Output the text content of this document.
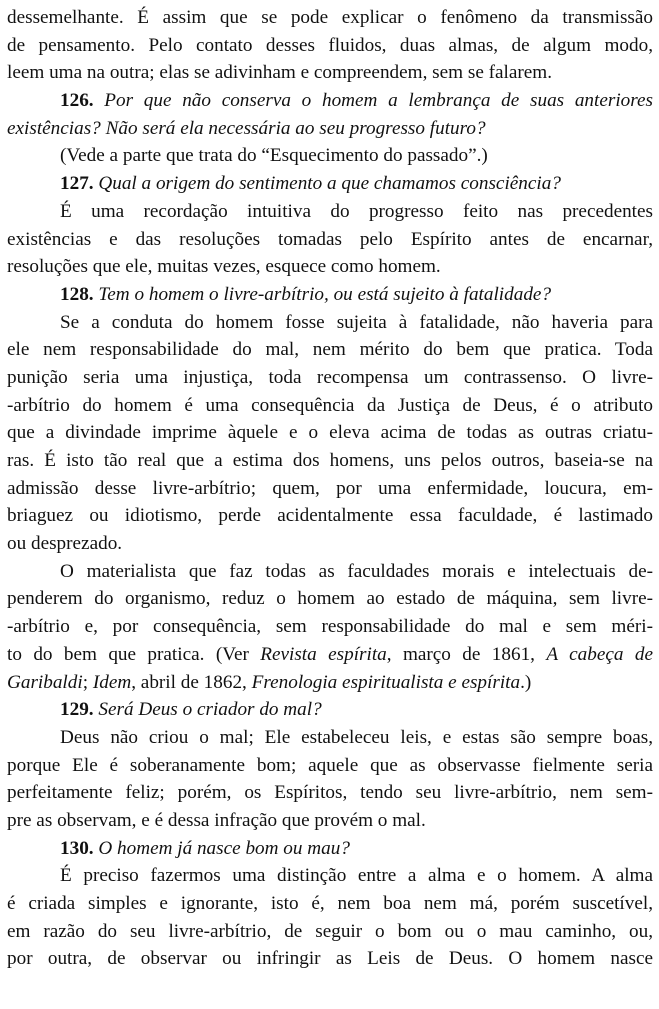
dessemelhante. É assim que se pode explicar o fenômeno da transmissão
de pensamento. Pelo contato desses fluidos, duas almas, de algum modo,
leem uma na outra; elas se adivinham e compreendem, sem se falarem.
126. Por que não conserva o homem a lembrança de suas anteriores
existências? Não será ela necessária ao seu progresso futuro?
(Vede a parte que trata do “Esquecimento do passado”.)
127. Qual a origem do sentimento a que chamamos consciência?
É uma recordação intuitiva do progresso feito nas precedentes
existências e das resoluções tomadas pelo Espírito antes de encarnar,
resoluções que ele, muitas vezes, esquece como homem.
128. Tem o homem o livre-arbítrio, ou está sujeito à fatalidade?
Se a conduta do homem fosse sujeita à fatalidade, não haveria para
ele nem responsabilidade do mal, nem mérito do bem que pratica. Toda
punição seria uma injustiça, toda recompensa um contrassenso. O livre-
-arbítrio do homem é uma consequência da Justiça de Deus, é o atributo
que a divindade imprime àquele e o eleva acima de todas as outras criatu-
ras. É isto tão real que a estima dos homens, uns pelos outros, baseia-se na
admissão desse livre-arbítrio; quem, por uma enfermidade, loucura, em-
briaguez ou idiotismo, perde acidentalmente essa faculdade, é lastimado
ou desprezado.
O materialista que faz todas as faculdades morais e intelectuais de-
penderem do organismo, reduz o homem ao estado de máquina, sem livre-
-arbítrio e, por consequência, sem responsabilidade do mal e sem méri-
to do bem que pratica. (Ver Revista espírita, março de 1861, A cabeça de
Garibaldi; Idem, abril de 1862, Frenologia espiritualista e espírita.)
129. Será Deus o criador do mal?
Deus não criou o mal; Ele estabeleceu leis, e estas são sempre boas,
porque Ele é soberanamente bom; aquele que as observasse fielmente seria
perfeitamente feliz; porém, os Espíritos, tendo seu livre-arbítrio, nem sem-
pre as observam, e é dessa infração que provém o mal.
130. O homem já nasce bom ou mau?
É preciso fazermos uma distinção entre a alma e o homem. A alma
é criada simples e ignorante, isto é, nem boa nem má, porém suscetível,
em razão do seu livre-arbítrio, de seguir o bom ou o mau caminho, ou,
por outra, de observar ou infringir as Leis de Deus. O homem nasce
